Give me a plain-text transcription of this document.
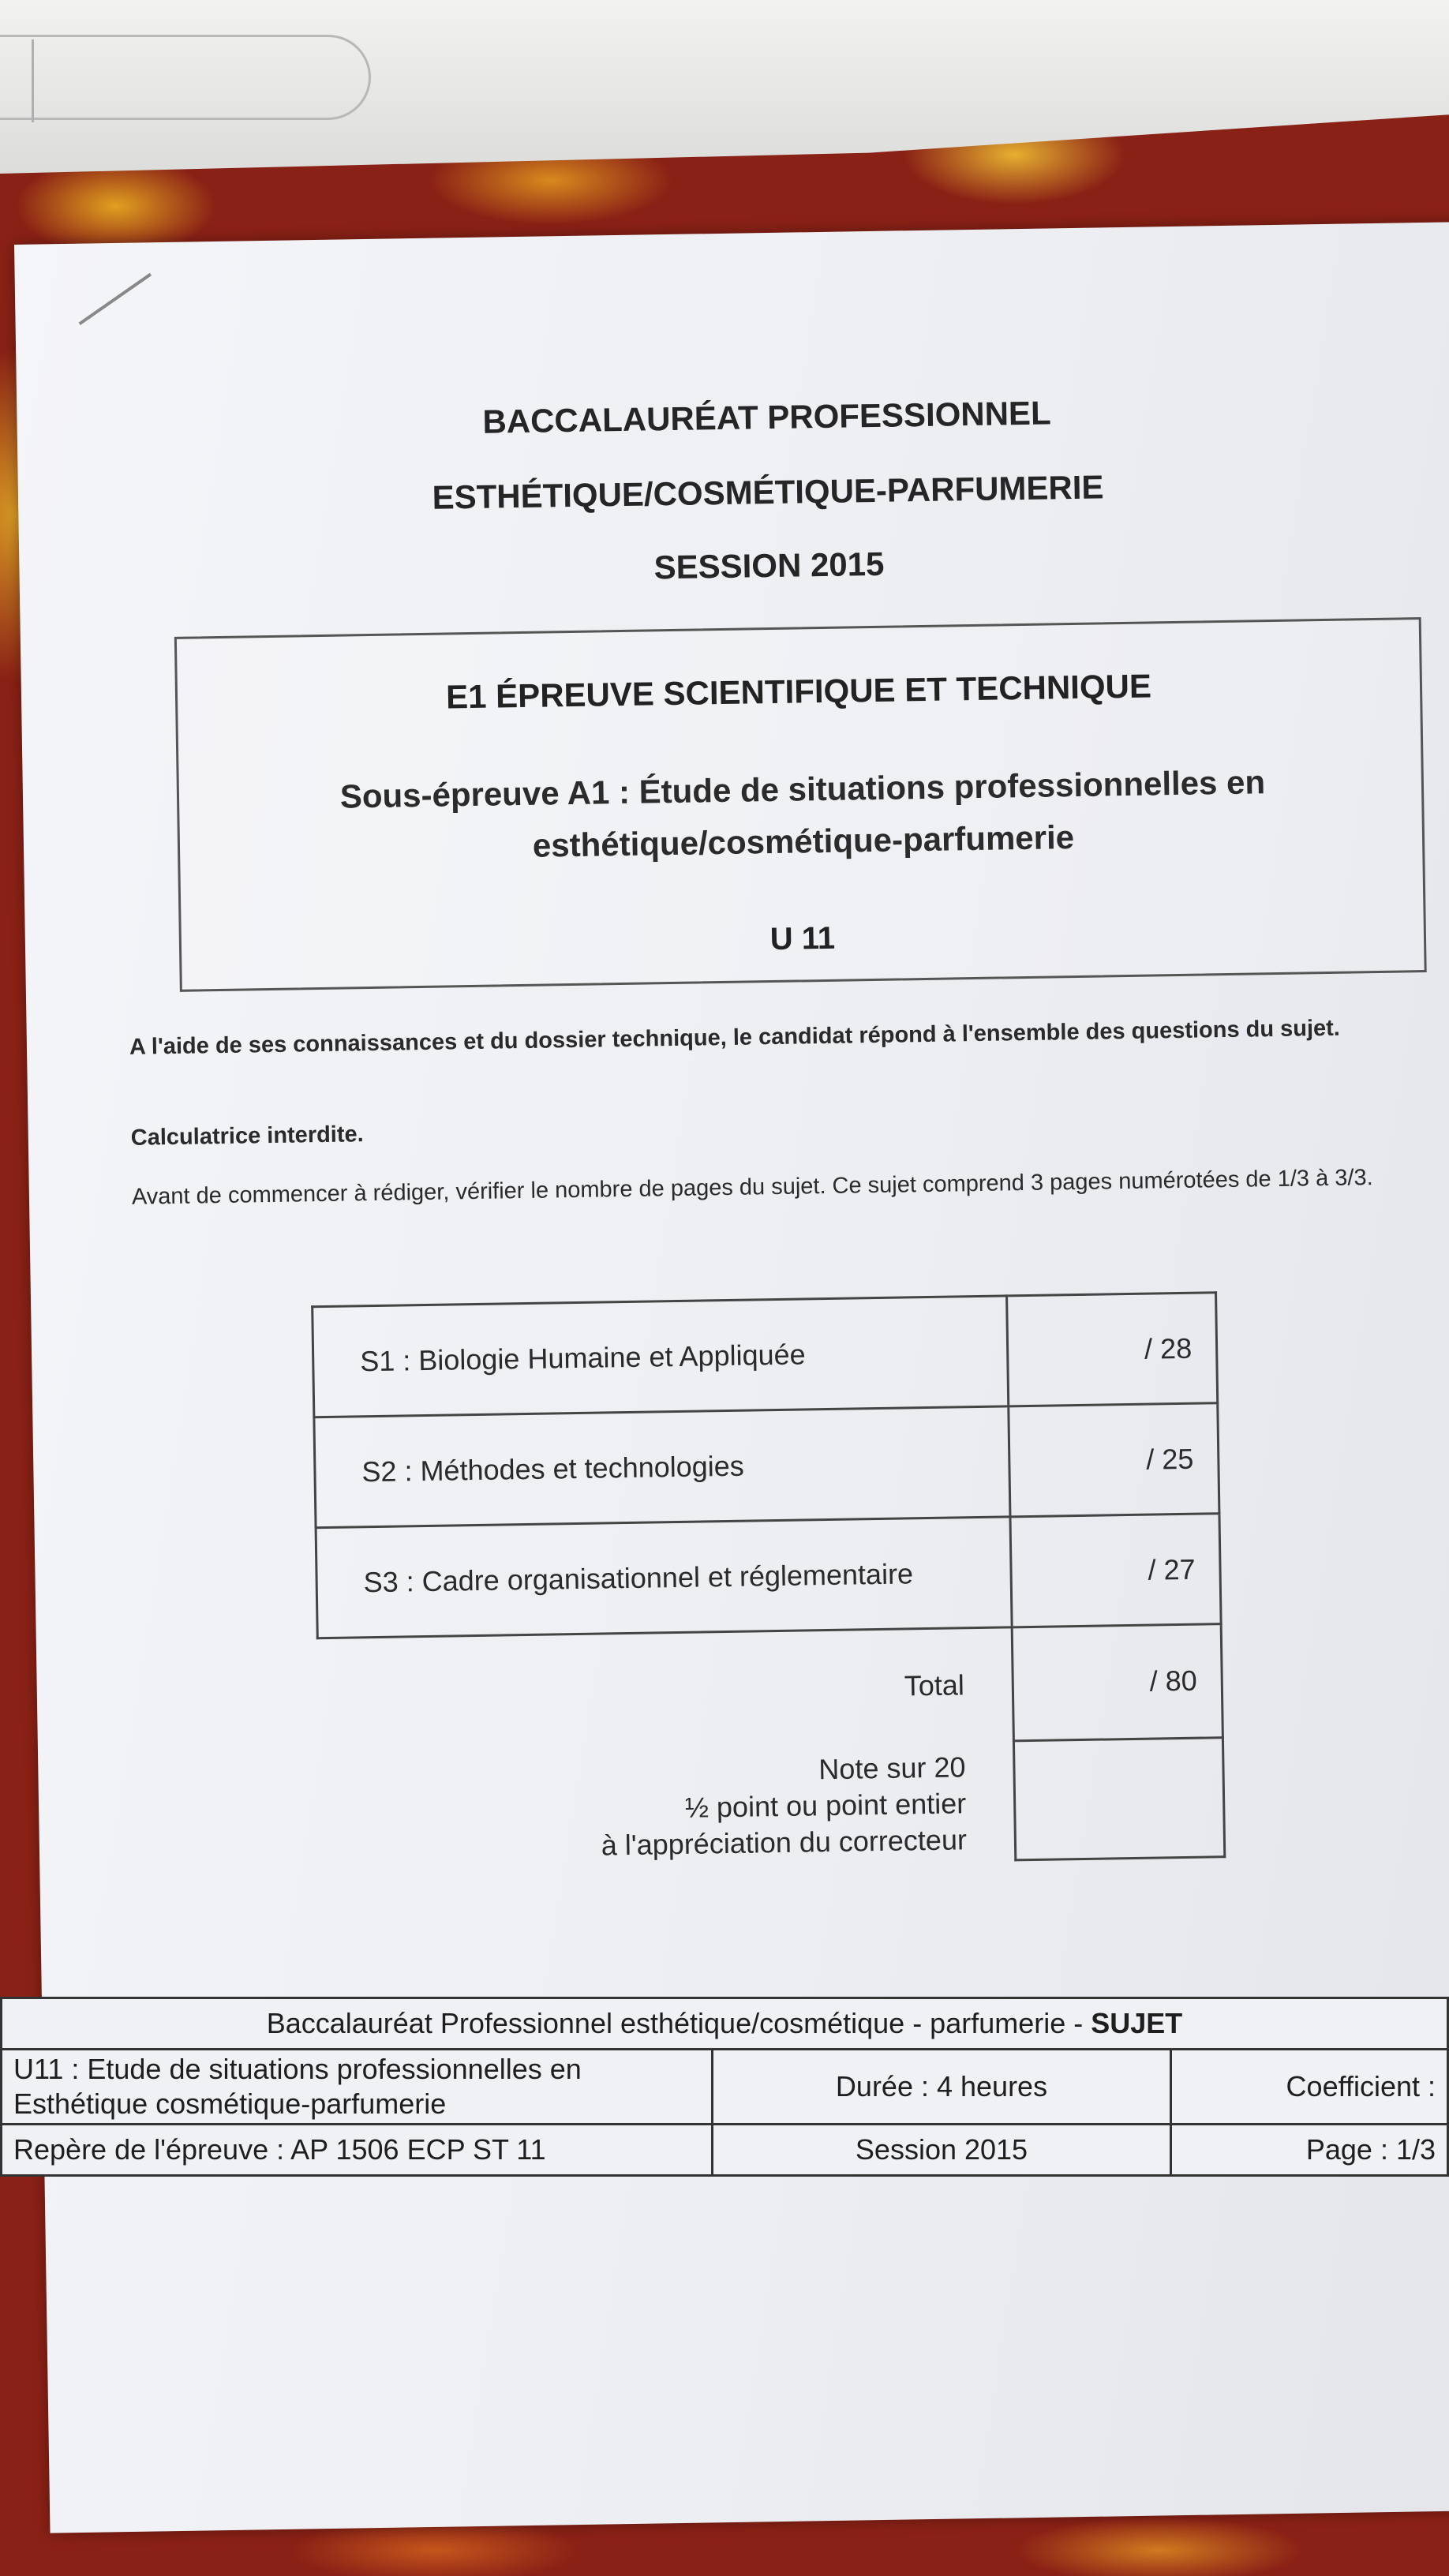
BACCALAURÉAT PROFESSIONNEL
ESTHÉTIQUE/COSMÉTIQUE-PARFUMERIE
SESSION 2015
E1 ÉPREUVE SCIENTIFIQUE ET TECHNIQUE
Sous-épreuve A1 : Étude de situations professionnelles en
esthétique/cosmétique-parfumerie
U 11
A l'aide de ses connaissances et du dossier technique, le candidat répond à l'ensemble des questions du sujet.
Calculatrice interdite.
Avant de commencer à rédiger, vérifier le nombre de pages du sujet. Ce sujet comprend 3 pages numérotées de 1/3 à 3/3.
S1 : Biologie Humaine et Appliquée	/ 28
S2 : Méthodes et technologies	/ 25
S3 : Cadre organisationnel et réglementaire	/ 27
Total	/ 80

Note sur 20
½ point ou point entier
à l'appréciation du correcteur	

Baccalauréat Professionnel esthétique/cosmétique - parfumerie - SUJET		

U11 : Etude de situations professionnelles en
Esthétique cosmétique-parfumerie	Durée : 4 heures	Coefficient :
Repère de l'épreuve : AP 1506 ECP ST 11	Session 2015	Page : 1/3
